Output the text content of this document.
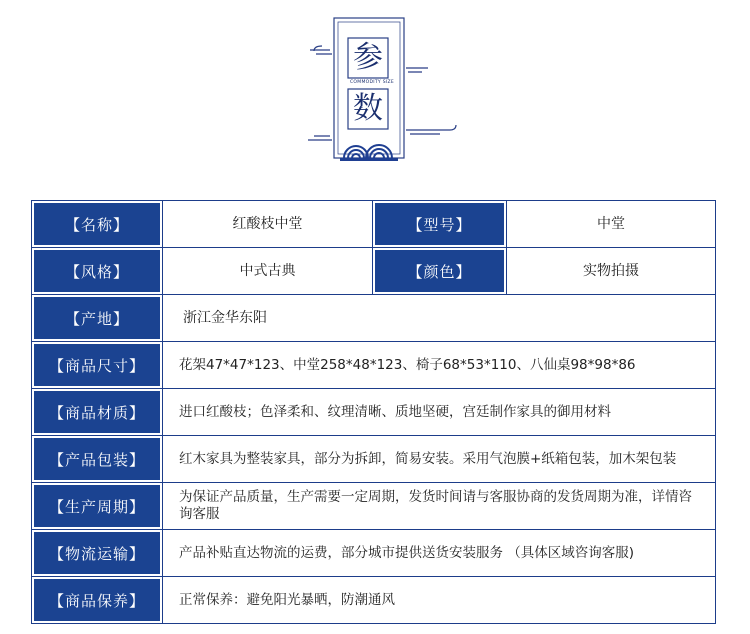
参
COMMODITY SIZE
数
【名称】	红酸枝中堂	【型号】	中堂
【风格】	中式古典	【颜色】	实物拍摄
【产地】	浙江金华东阳		
【商品尺寸】	花架47*47*123、中堂258*48*123、椅子68*53*110、八仙桌98*98*86		
【商品材质】	进口红酸枝；色泽柔和、纹理清晰、质地坚硬，宫廷制作家具的御用材料		
【产品包装】	红木家具为整装家具，部分为拆卸，简易安装。采用气泡膜+纸箱包装，加木架包装		
【生产周期】	为保证产品质量，生产需要一定周期，发货时间请与客服协商的发货周期为准，详情咨询客服		
【物流运输】	产品补贴直达物流的运费，部分城市提供送货安装服务 （具体区域咨询客服)		
【商品保养】	正常保养：避免阳光暴晒，防潮通风		
